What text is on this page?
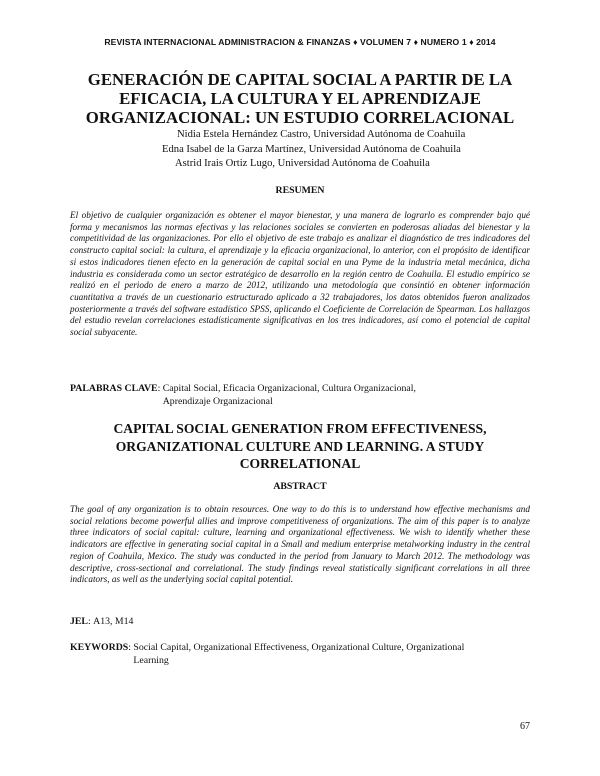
REVISTA INTERNACIONAL ADMINISTRACION & FINANZAS ♦ VOLUMEN 7 ♦ NUMERO 1 ♦ 2014
GENERACIÓN DE CAPITAL SOCIAL A PARTIR DE LA
EFICACIA, LA CULTURA Y EL APRENDIZAJE
ORGANIZACIONAL: UN ESTUDIO CORRELACIONAL
Nidia Estela Hernández Castro, Universidad Autónoma de Coahuila
Edna Isabel de la Garza Martínez, Universidad Autónoma de Coahuila
Astrid Irais Ortiz Lugo, Universidad Autónoma de Coahuila
RESUMEN

El objetivo de cualquier organización es obtener el mayor bienestar, y una manera de lograrlo es comprender bajo qué forma y mecanismos las normas efectivas y las relaciones sociales se convierten en poderosas aliadas del bienestar y la competitividad de las organizaciones. Por ello el objetivo de este trabajo es analizar el diagnóstico de tres indicadores del constructo capital social: la cultura, el aprendizaje y la eficacia organizacional, lo anterior, con el propósito de identificar si estos indicadores tienen efecto en la generación de capital social en una Pyme de la industria metal mecánica, dicha industria es considerada como un sector estratégico de desarrollo en la región centro de Coahuila. El estudio empírico se realizó en el periodo de enero a marzo de 2012, utilizando una metodología que consintió en obtener información cuantitativa a través de un cuestionario estructurado aplicado a 32 trabajadores, los datos obtenidos fueron analizados posteriormente a través del software estadístico SPSS, aplicando el Coeficiente de Correlación de Spearman. Los hallazgos del estudio revelan correlaciones estadísticamente significativas en los tres indicadores, así como el potencial de capital social subyacente.

PALABRAS CLAVE : Capital Social, Eficacia Organizacional, Cultura Organizacional,
Aprendizaje Organizacional
CAPITAL SOCIAL GENERATION FROM EFFECTIVENESS,
ORGANIZATIONAL CULTURE AND LEARNING. A STUDY
CORRELATIONAL
ABSTRACT

The goal of any organization is to obtain resources. One way to do this is to understand how effective mechanisms and social relations become powerful allies and improve competitiveness of organizations. The aim of this paper is to analyze three indicators of social capital: culture, learning and organizational effectiveness. We wish to identify whether these indicators are effective in generating social capital in a Small and medium enterprise metalworking industry in the central region of Coahuila, Mexico. The study was conducted in the period from January to March 2012. The methodology was descriptive, cross-sectional and correlational. The study findings reveal statistically significant correlations in all three indicators, as well as the underlying social capital potential.

JEL : A13, M14
KEYWORDS : Social Capital, Organizational Effectiveness, Organizational Culture, Organizational
Learning
67
